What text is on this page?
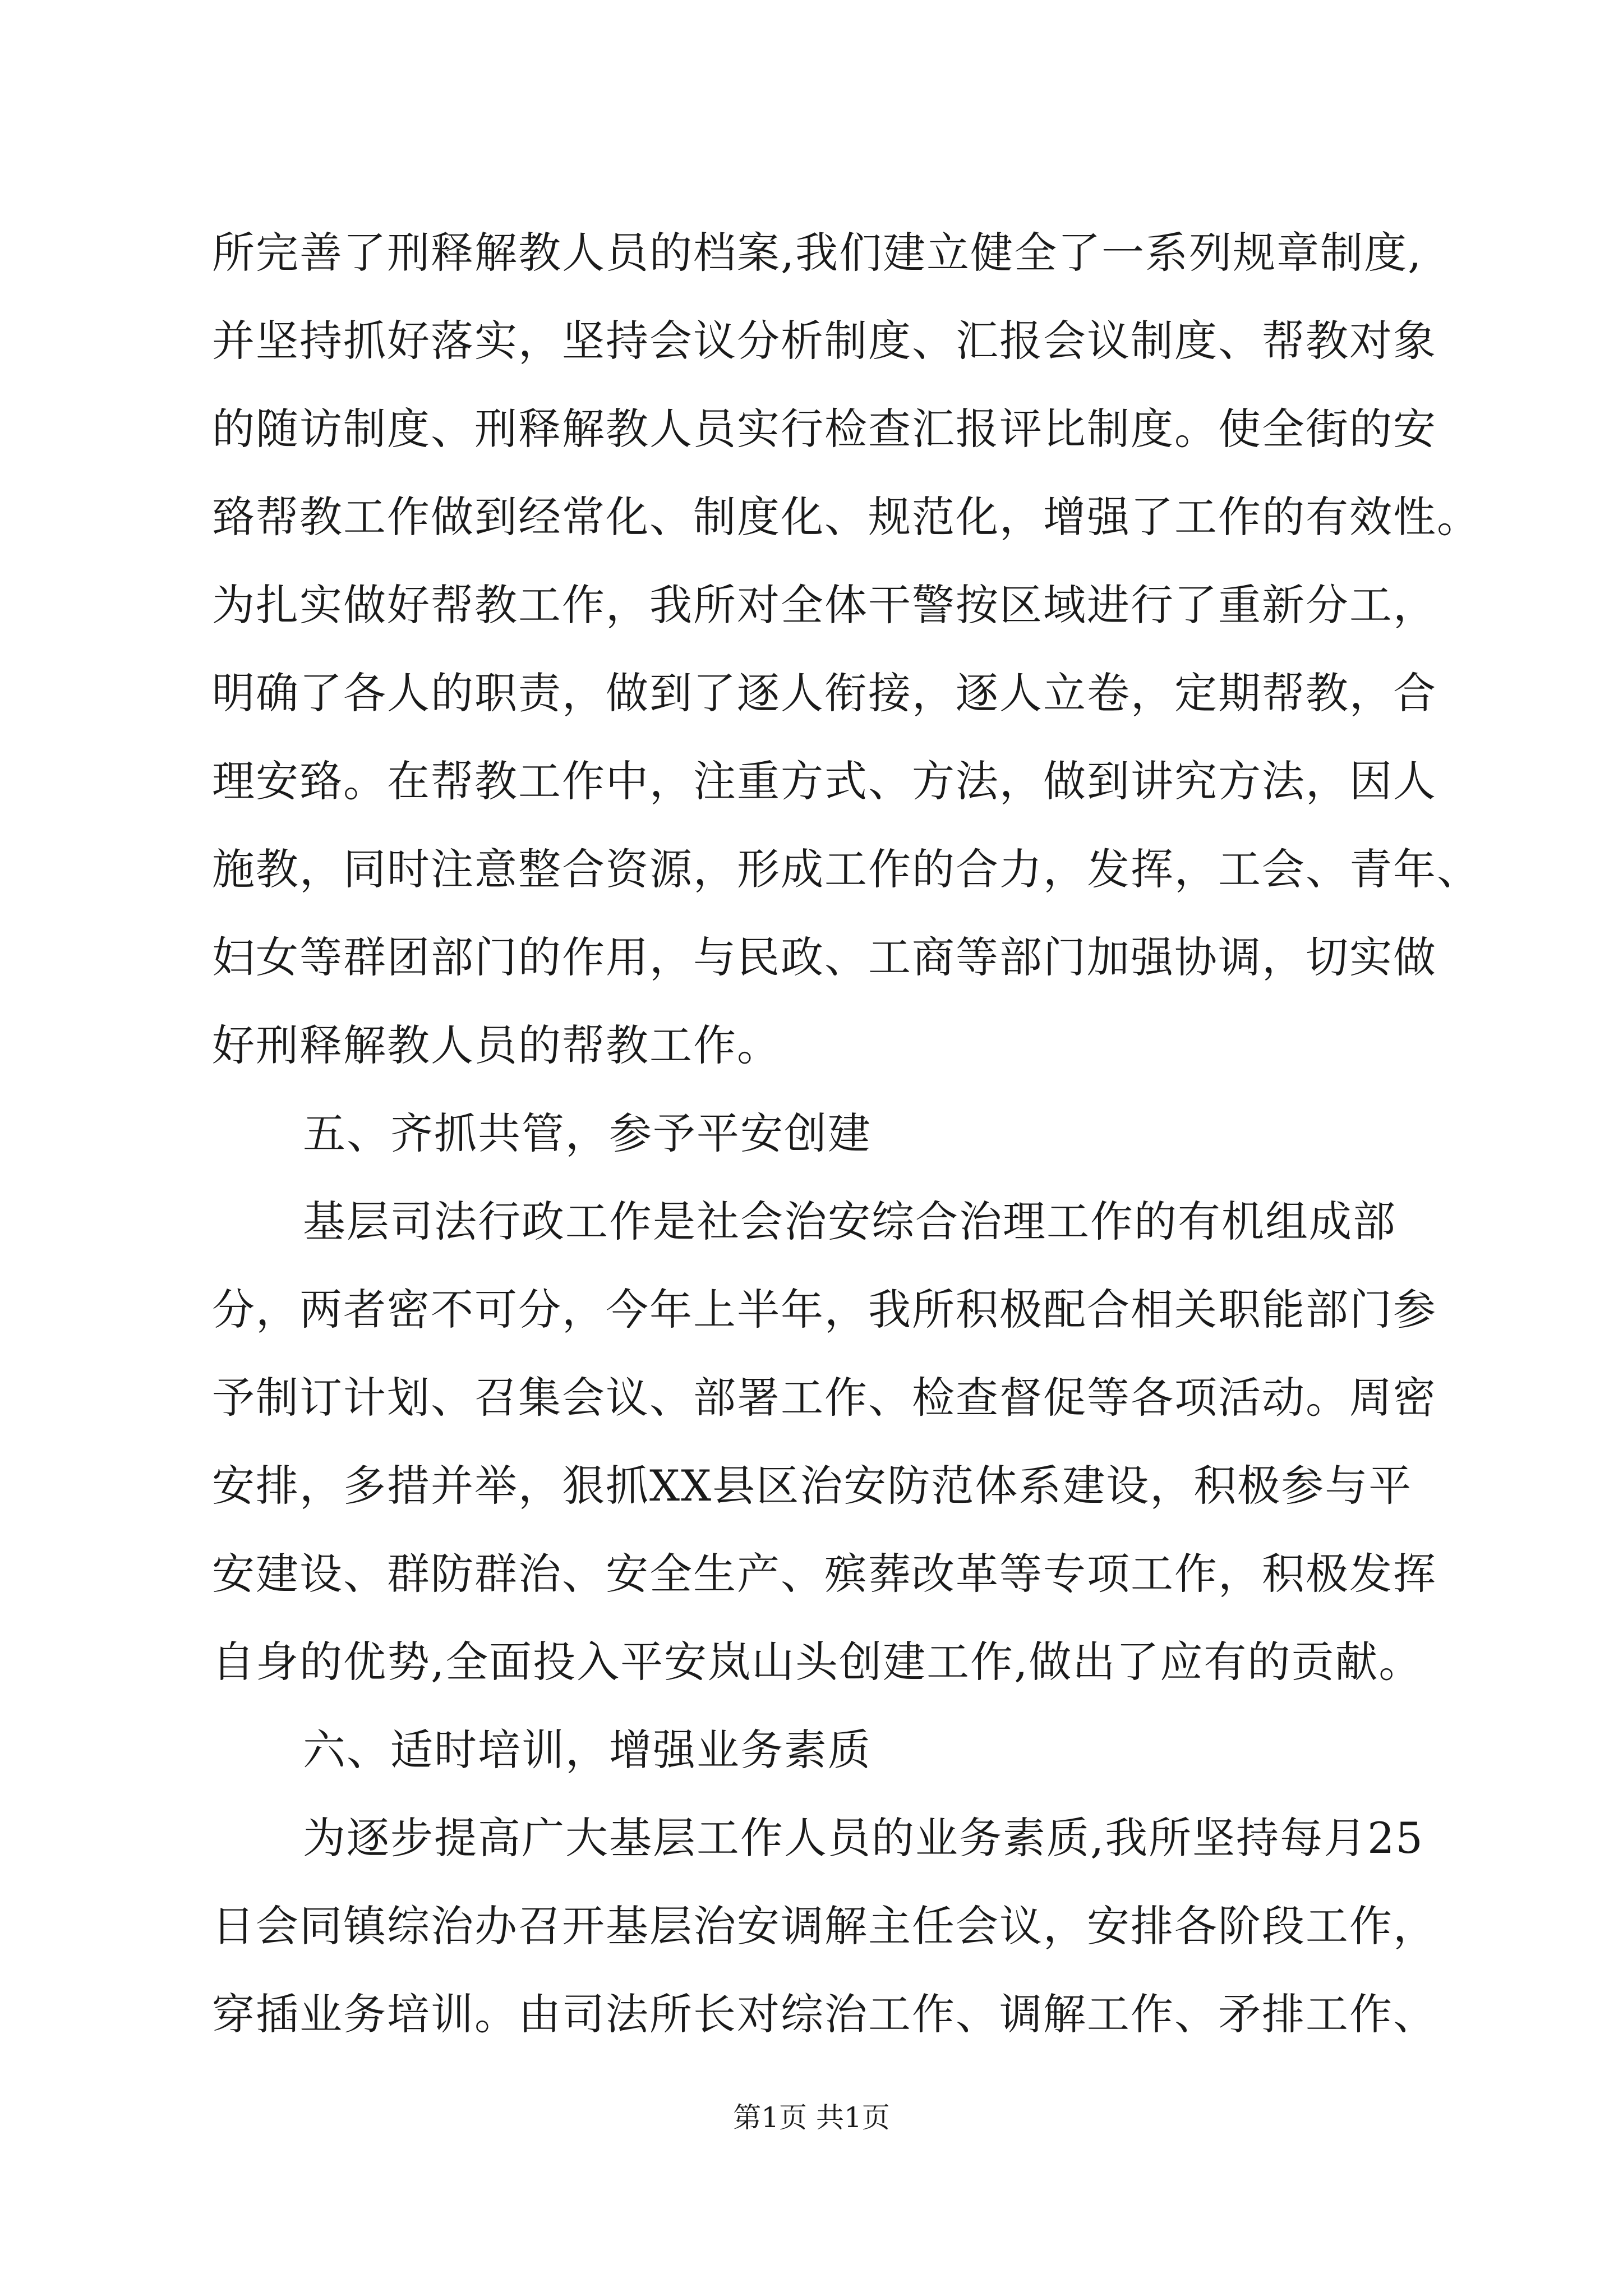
所完善了刑释解教人员的档案,我们建立健全了一系列规章制度,
并坚持抓好落实，坚持会议分析制度、汇报会议制度、帮教对象
的随访制度、刑释解教人员实行检查汇报评比制度。使全街的安
臵帮教工作做到经常化、制度化、规范化，增强了工作的有效性。
为扎实做好帮教工作，我所对全体干警按区域进行了重新分工，
明确了各人的职责，做到了逐人衔接，逐人立卷，定期帮教，合
理安臵。在帮教工作中，注重方式、方法，做到讲究方法，因人
施教，同时注意整合资源，形成工作的合力，发挥，工会、青年、
妇女等群团部门的作用，与民政、工商等部门加强协调，切实做
好刑释解教人员的帮教工作。
五、齐抓共管，参予平安创建
基层司法行政工作是社会治安综合治理工作的有机组成部
分，两者密不可分，今年上半年，我所积极配合相关职能部门参
予制订计划、召集会议、部署工作、检查督促等各项活动。周密
安排，多措并举，狠抓XX县区治安防范体系建设，积极参与平
安建设、群防群治、安全生产、殡葬改革等专项工作，积极发挥
自身的优势,全面投入平安岚山头创建工作,做出了应有的贡献。
六、适时培训，增强业务素质
为逐步提高广大基层工作人员的业务素质,我所坚持每月25
日会同镇综治办召开基层治安调解主任会议，安排各阶段工作，
穿插业务培训。由司法所长对综治工作、调解工作、矛排工作、
第1页 共1页
